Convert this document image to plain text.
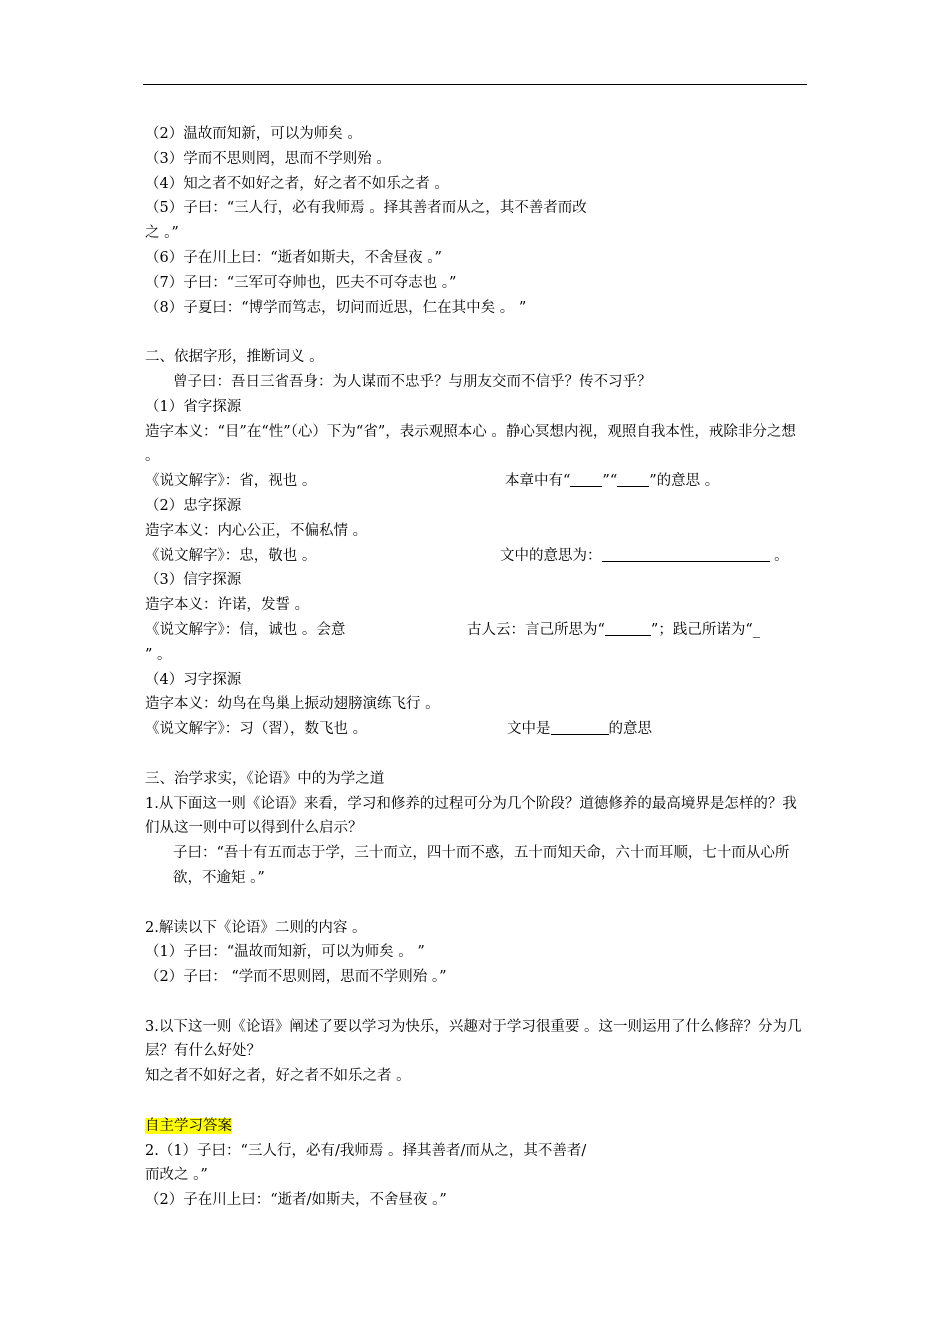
（2）温故而知新，可以为师矣 。
（3）学而不思则罔，思而不学则殆 。
（4）知之者不如好之者，好之者不如乐之者 。
（5）子曰：“三人行，必有我师焉 。择其善者而从之，其不善者而改
之 。”
（6）子在川上曰：“逝者如斯夫，不舍昼夜 。”
（7）子曰：“三军可夺帅也，匹夫不可夺志也 。”
（8）子夏曰：“博学而笃志，切问而近思，仁在其中矣 。 ”
二、依据字形，推断词义 。
曾子曰：吾日三省吾身：为人谋而不忠乎？与朋友交而不信乎？传不习乎？
（1）省字探源
造字本义：“目”在“性”（心）下为“省”，表示观照本心 。静心冥想内视，观照自我本性，戒除非分之想 。
《说文解字》：省，视也 。	本章中有“ ”“ ”的意思 。
（2）忠字探源
造字本义：内心公正，不偏私情 。
《说文解字》：忠，敬也 。	文中的意思为：	。
（3）信字探源
造字本义：许诺，发誓 。
《说文解字》：信，诚也 。会意	古人云：言己所思为“	”；践己所诺为“_
” 。
（4）习字探源
造字本义：幼鸟在鸟巢上振动翅膀演练飞行 。
《说文解字》：习（習），数飞也 。	文中是	的意思
三、治学求实，《论语》中的为学之道
1.从下面这一则《论语》来看，学习和修养的过程可分为几个阶段？道德修养的最高境界是怎样的？我们从这一则中可以得到什么启示？
子曰：“吾十有五而志于学，三十而立，四十而不惑，五十而知天命，六十而耳顺，七十而从心所欲，不逾矩 。”
2.解读以下《论语》二则的内容 。
（1）子曰：“温故而知新，可以为师矣 。 ”
（2）子曰： “学而不思则罔，思而不学则殆 。”
3.以下这一则《论语》阐述了要以学习为快乐，兴趣对于学习很重要 。这一则运用了什么修辞？分为几层？有什么好处？
知之者不如好之者，好之者不如乐之者 。
自主学习答案
2.（1）子曰：“三人行，必有/我师焉 。择其善者/而从之，其不善者/
而改之 。”
（2）子在川上曰：“逝者/如斯夫，不舍昼夜 。”
